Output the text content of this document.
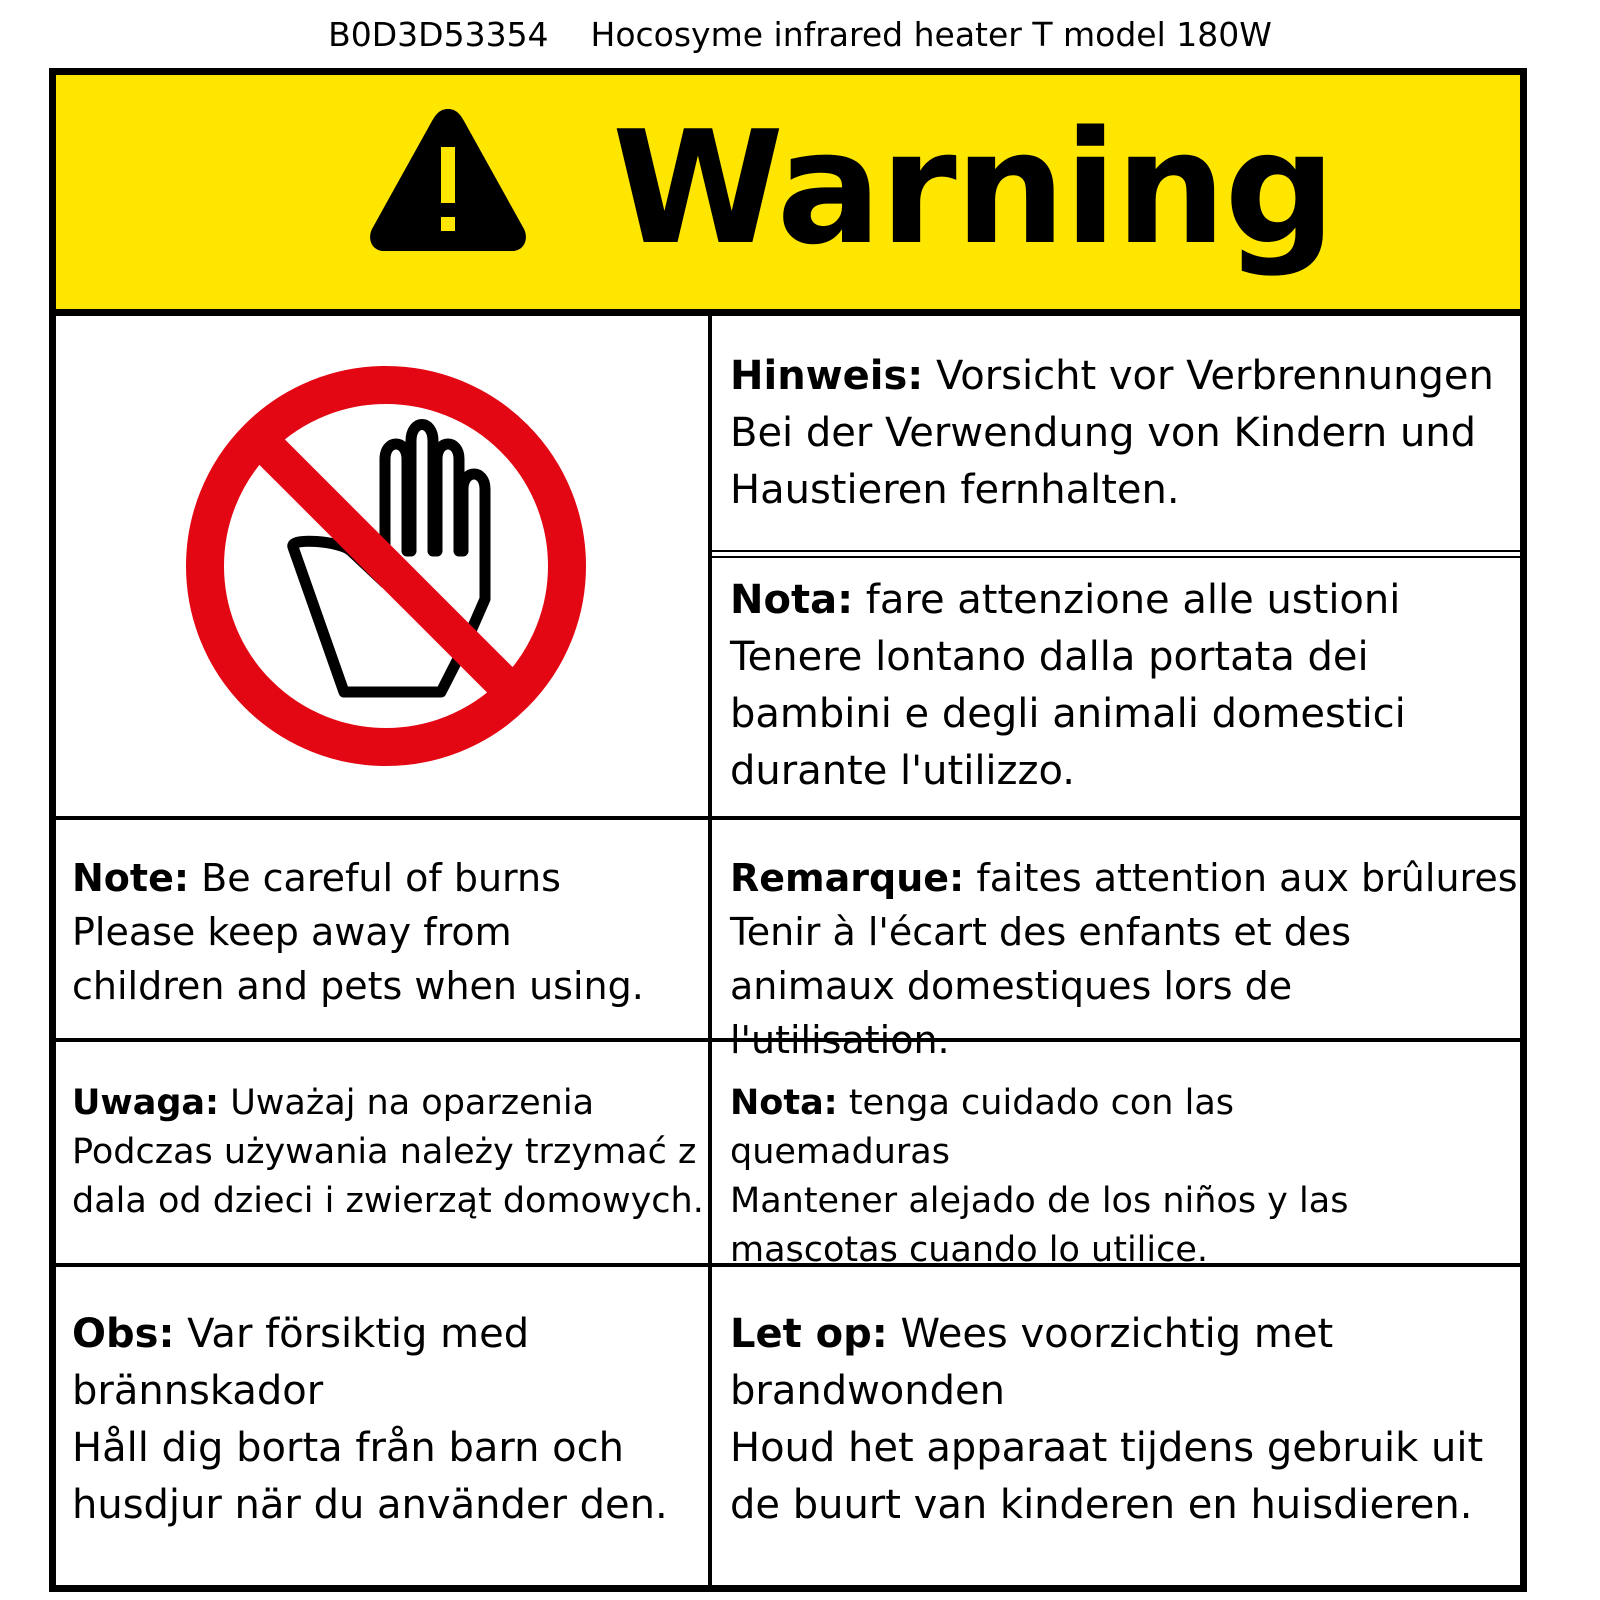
B0D3D53354 Hocosyme infrared heater T model 180W
Warning

Hinweis: Vorsicht vor Verbrennungen

Bei der Verwendung von Kindern und Haustieren fernhalten.

Nota: fare attenzione alle ustioni

Tenere lontano dalla portata dei bambini e degli animali domestici durante l'utilizzo.

Note: Be careful of burns

Please keep away from children and pets when using.

Remarque: faites attention aux brûlures

Tenir à l'écart des enfants et des animaux domestiques lors de l'utilisation.

Uwaga: Uważaj na oparzenia

Podczas używania należy trzymać z dala od dzieci i zwierząt domowych.

Nota: tenga cuidado con las quemaduras

Mantener alejado de los niños y las mascotas cuando lo utilice.

Obs: Var försiktig med brännskador

Håll dig borta från barn och husdjur när du använder den.

Let op: Wees voorzichtig met brandwonden

Houd het apparaat tijdens gebruik uit de buurt van kinderen en huisdieren.
